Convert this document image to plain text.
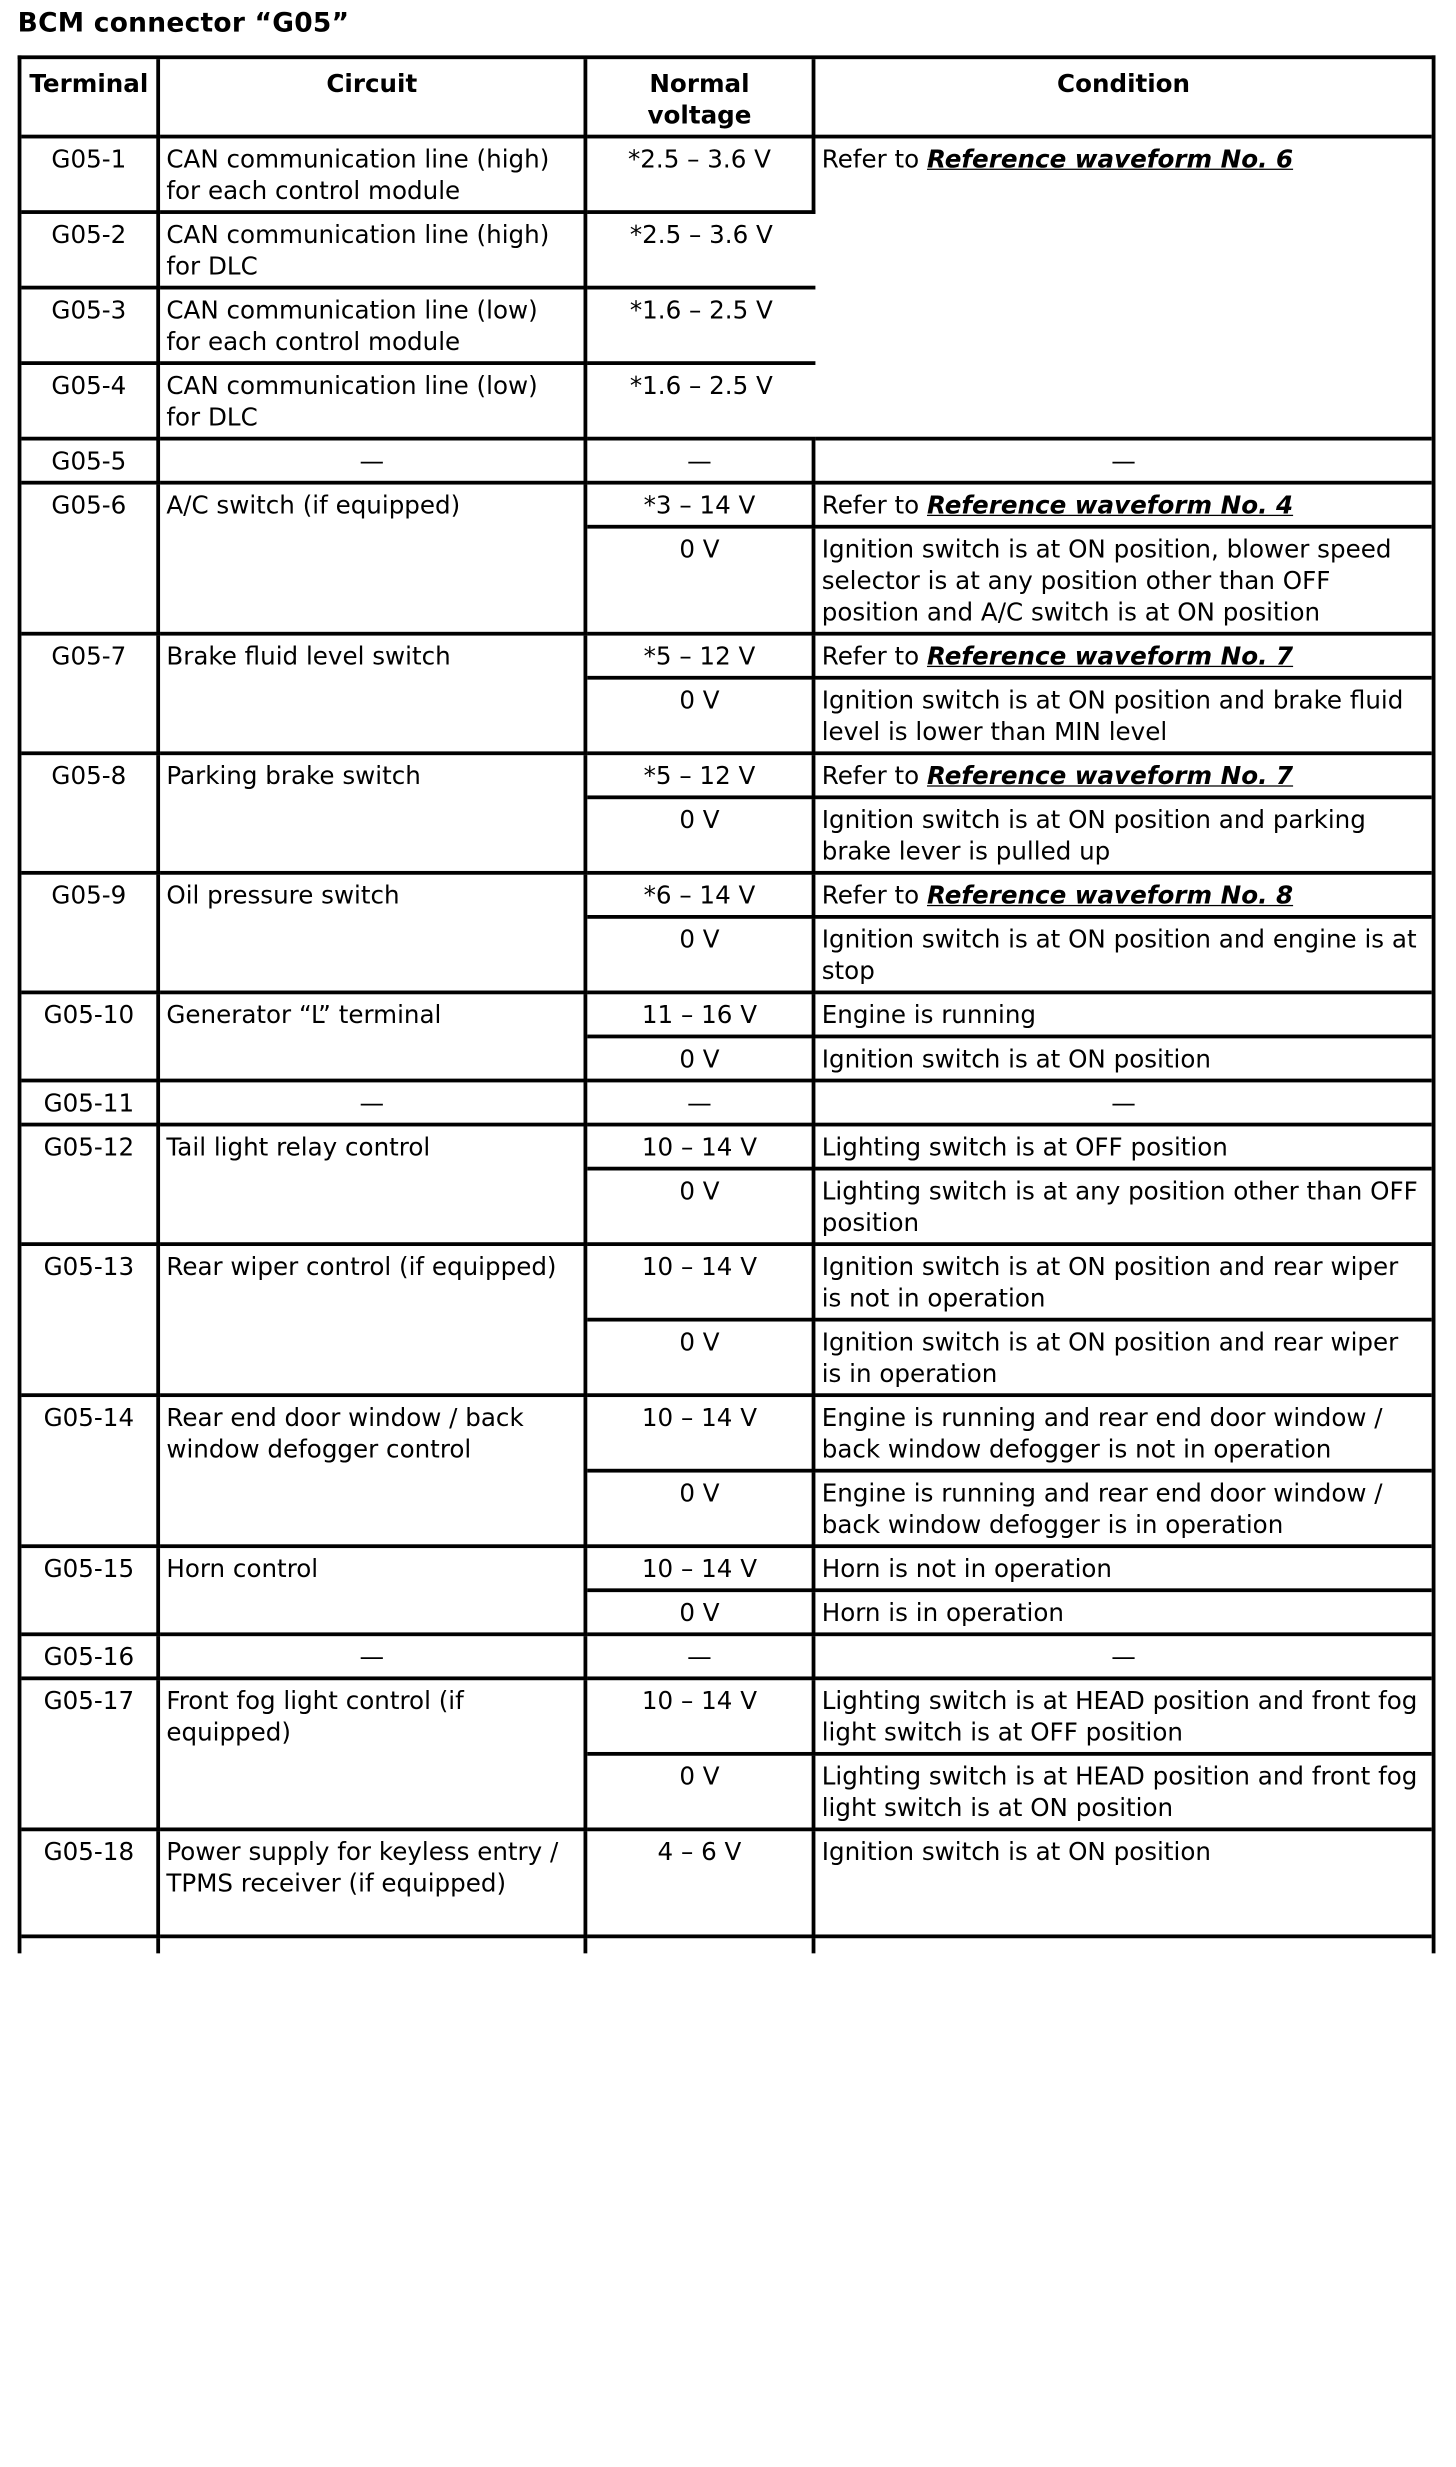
BCM connector “G05”
Terminal	Circuit	Normal voltage	Condition
G05-1	CAN communication line (high) for each control module	*2.5 – 3.6 V	Refer to Reference waveform No. 6
G05-2	CAN communication line (high) for DLC	*2.5 – 3.6 V	
G05-3	CAN communication line (low) for each control module	*1.6 – 2.5 V	
G05-4	CAN communication line (low) for DLC	*1.6 – 2.5 V	
G05-5	—	—	—
G05-6	A/C switch (if equipped)	*3 – 14 V	Refer to Reference waveform No. 4
		0 V	Ignition switch is at ON position, blower speed selector is at any position other than OFF position and A/C switch is at ON position
G05-7	Brake fluid level switch	*5 – 12 V	Refer to Reference waveform No. 7
		0 V	Ignition switch is at ON position and brake fluid level is lower than MIN level
G05-8	Parking brake switch	*5 – 12 V	Refer to Reference waveform No. 7
		0 V	Ignition switch is at ON position and parking brake lever is pulled up
G05-9	Oil pressure switch	*6 – 14 V	Refer to Reference waveform No. 8
		0 V	Ignition switch is at ON position and engine is at stop
G05-10	Generator “L” terminal	11 – 16 V	Engine is running
		0 V	Ignition switch is at ON position
G05-11	—	—	—
G05-12	Tail light relay control	10 – 14 V	Lighting switch is at OFF position
		0 V	Lighting switch is at any position other than OFF position
G05-13	Rear wiper control (if equipped)	10 – 14 V	Ignition switch is at ON position and rear wiper is not in operation
		0 V	Ignition switch is at ON position and rear wiper is in operation
G05-14	Rear end door window / back window defogger control	10 – 14 V	Engine is running and rear end door window / back window defogger is not in operation
		0 V	Engine is running and rear end door window / back window defogger is in operation
G05-15	Horn control	10 – 14 V	Horn is not in operation
		0 V	Horn is in operation
G05-16	—	—	—
G05-17	Front fog light control (if equipped)	10 – 14 V	Lighting switch is at HEAD position and front fog light switch is at OFF position
		0 V	Lighting switch is at HEAD position and front fog light switch is at ON position
G05-18	Power supply for keyless entry / TPMS receiver (if equipped)	4 – 6 V	Ignition switch is at ON position
